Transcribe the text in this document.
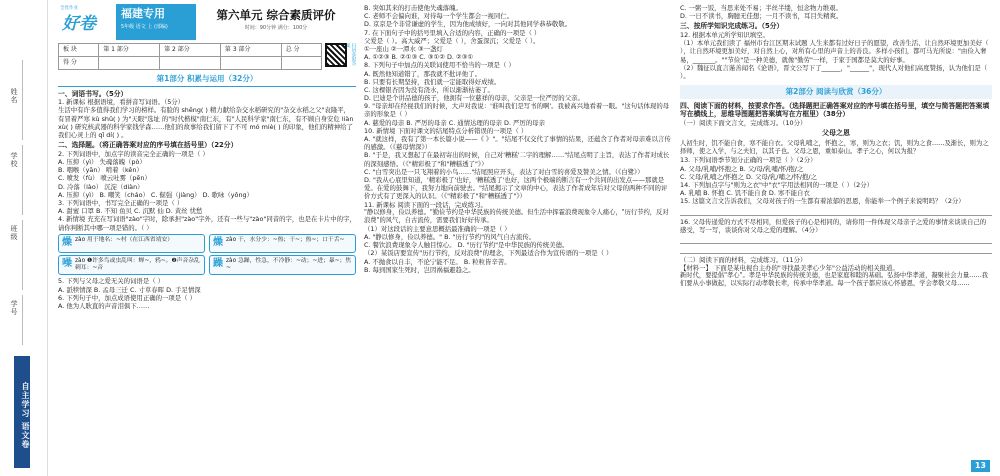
姓名
学校
班级
学号
自主学习 语文卷
全优作业
好卷
福建专用
5年级 语文 上 (部编)
第六单元 综合素质评价
时间：90分钟 满分：100分
板 块	第 1 部分	第 2 部分	第 3 部分	总 分
得 分					扫码获取答案
第1部分 积累与运用（32分）
一、词语书写。（5分）

1. 新课标 根据语境，看拼音写词语。（5分）

生活中有许多值得我们学习的榜样。有脸的 shěng( ) 精力献给杂交水稻研究的"杂交水稻之父"袁隆平，有冒着严寒 kù shǔ( ) 为"天眼"选址 的"时代楷模"南仁东，有"人民科学家"南仁东，有不顾自身安危 liàn xù( ) 研究核武器的科学家钱学森……他们的故事给我们留下了不可 mó miè( ) 的印象，他们的精神给了我们心灵上的 qǐ dí( ) 。

二、选择题。（将正确答案对应的序号填在括号里）（22分）

2. 下列词语中，加点字的读音完全正确的一项是（ ）

A. 压抑（yì） 失魂落魄（pò）

B. 咽喉（yān） 啃着（kěn）

C. 喷发（fù） 喷云吐雾（pēn）

D. 冷落（lào） 沉淀（diàn）

A. 压抑（yì） B. 嘲笑（cháo） C. 倔强（jiàng） D. 歌咏（yǒng）

3. 下列词语中，书写完全正确的一项是（ ）

A. 甜蜜 口罩 B. 不知 鱼贝 C. 沉默 仙 D. 黄丝 忧愁

4. 新情境 充充在写词语"zào"字时，除承担"zào"字外，还有一些与"zào"同音的字，也是在卡片中的字，请你判断其中哪一项是错的。（ ）

燥 zào 用于地名：~村（在江西省靖安）	燥 zào 干，水分少：~热；干~；热~；口干舌~
噪 zào ❶许多鸟或虫乱叫：蝉~，鸦~。❷声音杂乱刺耳：~音	躁 zào 急躁，性急，不冷静：~动；~进；暴~；焦~

5. 下列与父母之爱无关的词语是（ ）

A. 舐犊情深 B. 孟母三迁 C. 寸草春晖 D. 手足情深

6. 下列句子中，加点成语使用正确的一项是（ ）

A. 他为人耿直的声音泪俱下……

B. 突如其来的打击使他失魂落魄。

C. 老师不会偏向谁，对待每一个学生都会一视同仁。

D. 京京是个非常谦虚的学生，因为他成绩好，一向对其他同学恭恭敬敬。

7. 在下面句子中的括号里填入合适的内容，正确的一项是（ ）

父爱是（ ）。高大威严；父爱是（ ），舍蛋深沉；父爱是（ ）。

①一座山 ②一潭水 ③一盏灯

A. ①②③ B. ②①③ C. ③①② D. ②③①

8. 下列句子中加点的关联词使用不恰当的一项是（ ）

A. 既然他知道错了，那我就不批评他了。

B. 只要有长期坚持，我们就一定能取得好成绩。

C. 这棵银杏因为没有浇水，所以渐渐枯萎了。

D. 巴迪是个讲品德的孩子，他拥有一位慈祥的母亲，父亲是一位严厉的父亲。

9. "母亲却在经视我们的时候，大声对我说：'谁叫我们是写书的啊'。我被高兴地看着一眼。"这句话体现的母亲的形象是（ ）

A. 慈爱的母亲 B. 严厉的母亲 C. 通情达理的母亲 D. 严厉的母亲

10. 新情境 下面对课文的结尾特点分析错误的一项是（ ）

A. "就这样，我有了第一本长篇小说——《 》"。"结尾不仅交代了事情的结果，还蕴含了作者对母亲难以言传的感激。（《慈母情深》）

B. "于是，我又想起了在最初寄出的时候，自己对'糟糕'二字的理解……"结尾点明了主旨，表达了作者对成长的深刻感悟。（《"精彩极了"和"糟糕透了"》）

C. "白雪突出是一只飞翔着的小鸟……"结尾照应开头，表达了对白雪的喜爱及赞美之情。（《白鹭》）

D. "我从心底里知道，'精彩极了'也好，'糟糕透了'也好，这两个极端的断言有一个共同的出发点——那就是爱。在爱的鼓舞下，我努力地向前驶去。"结尾揭示了文章的中心，表达了作者成年后对父母的两种不同的评价方式有了更深入的认识。（《"精彩极了"和"糟糕透了"》）

11. 新课标 阅读下面的一段话，完成练习。

"静以修身，俭以养德。"勤俭节约是中华民族的传统美德。但生活中挥霍浪费现象令人痛心，"历行节约，反对浪费"的风气，自古流传，需要我们好好传承。

（1）对这段话的主要意思概括最准确的一项是（ ）

A. "静以修身，俭以养德。" B. "历行节约"的风气自古流传。

C. 餐饮浪费现象令人触目惊心。 D. "历行节约"是中华民族的传统美德。

（2）某饭店要宣传"历行节约，反对浪费"的理念，下列最适合作为宣传语的一项是（ ）

A. 不抛食以自丰，不论宁能不足。 B. 粒粒皆辛苦。

B. 每到国家生死时，岂因祸福避趋之。

C. 一粥一饭，当思来处不易；半丝半缕，恒念物力维艰。

D. 一日不读书，胸臆无佳想；一月不读书，耳目失精爽。

三、按所学知识完成练习。（5分）

12. 根据本单元所学知识填空。

（1）本单元我们读了 福州市台江区期末试题 人生来都有过好日子的愿望，改善生活、让自然环境更加美好（ ），让自然环境更加美好，对自然上心，对所有心里的声音上的善良。多样小孩们，都可马光所说："由俭入奢易，_______。""节俭"是一种美德，就像"勤劳"一样，于家于国都是莫大的好事。

（2）魏征以直言谨善闻名《论语》，晋文公写下了______，"______"，现代人对他们高度赞扬，认为他们是（ ）。

第2部分 阅读与欣赏（36分）
四、阅读下面的材料，按要求作答。（选择题把正确答案对应的序号填在括号里，填空与简答题把答案填写在横线上，思维导图题把答案填写在方框里）（38分）

（一）阅读下面文言文，完成练习。（10分）

父母之恩

人初生时，饥不能自食，寒不能自衣。父母乳哺之，怀抱之，寒，则为之衣；饥，则为之食……及渐长，则为之择师，使之入学，与之夫妇，以其子也。父母之恩，重如泰山。孝子之心，何以为报？

13. 下列词语季节划分正确的一项是（ ）（2分）

A. 父母/乳哺/怀抱之 B. 父/母/乳哺/怀/抱/之

C. 父母/乳哺之/怀抱之 D. 父母/乳/哺之/怀/抱/之

14. 下列加点字与"则为之衣"中"衣"字用法相同的一项是（ ）（2分）

A. 乳哺 B. 怀抱 C. 饥不能自食 D. 寒不能自衣

15. 这篇文言文告诉我们，父母对孩子的一生都有着浓郁的思恩，你能举一个例子来说明吗？（2分）

16. 父母传递爱的方式不尽相同，但爱孩子的心是相同的，请你用一件体现父母亲子之爱的事情来谈谈自己的感受，写一写，谈谈你对父母之爱的理解。（4分）

（二）阅读下面的材料，完成练习。（11分）

【材料一】 下面是某电视台主办的"寻找最美孝心少年"公益活动的相关报道。

新时代，要提倡"孝心"。孝是中华民族的传统美德，也是家庭和睦的基础。弘扬中华孝道，凝聚社会力量……我们要从小事做起，以实际行动孝敬长辈，传承中华孝道。每一个孩子都应该心怀感恩，学会孝敬父母……

13
